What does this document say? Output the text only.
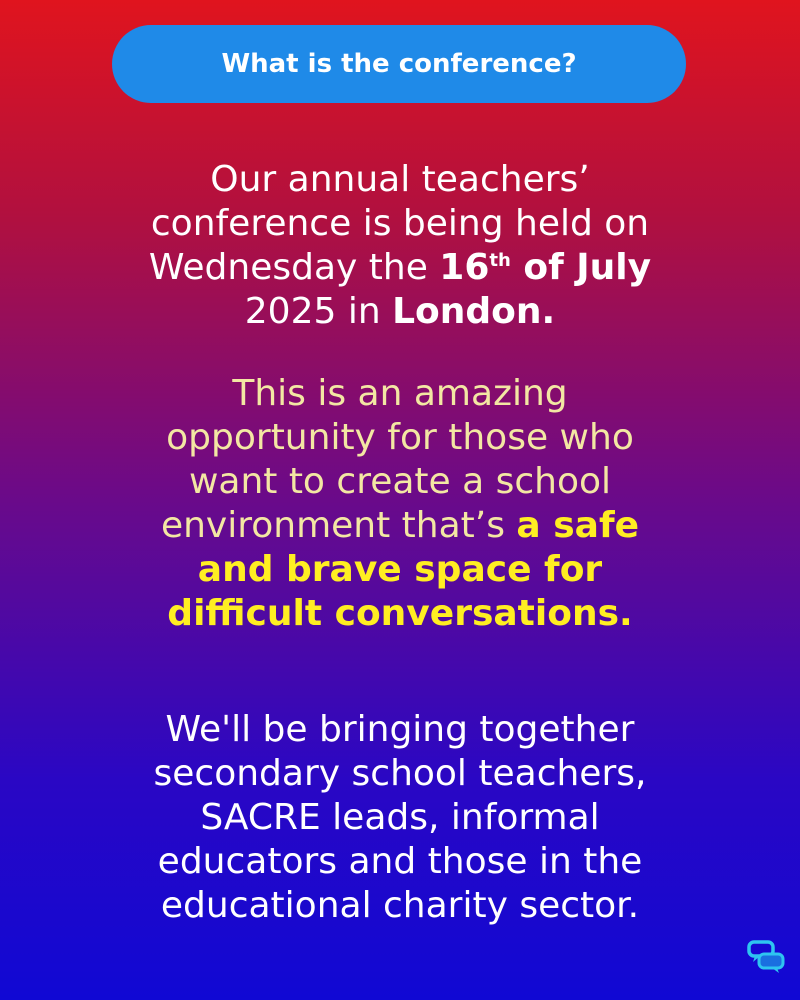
What is the conference?
Our annual teachers’
conference is being held on
Wednesday the 16th of July
2025 in London.
This is an amazing
opportunity for those who
want to create a school
environment that’s a safe
and brave space for
difficult conversations.
We'll be bringing together
secondary school teachers,
SACRE leads, informal
educators and those in the
educational charity sector.
